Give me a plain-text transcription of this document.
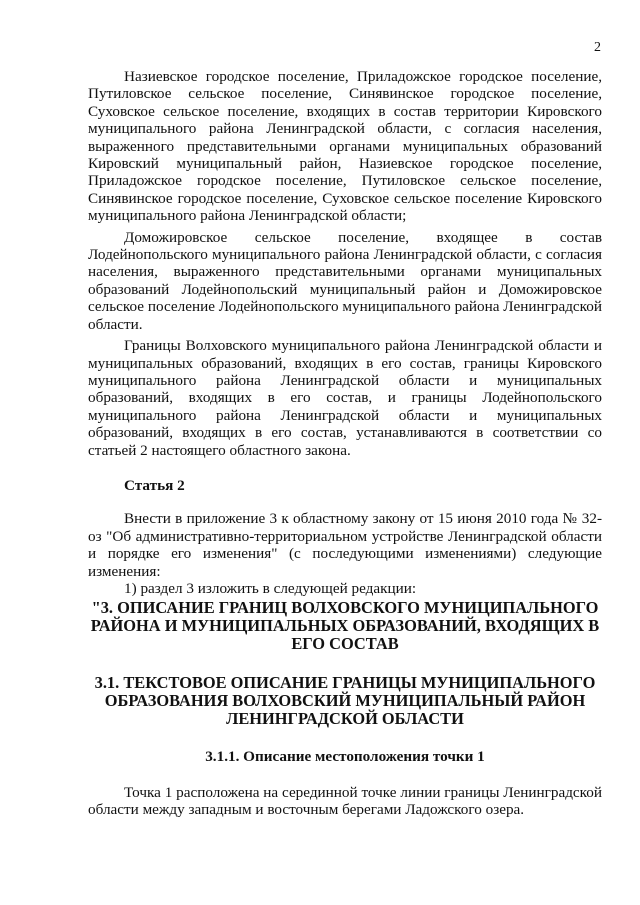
2

Назиевское городское поселение, Приладожское городское поселение, Путиловское сельское поселение, Синявинское городское поселение, Суховское сельское поселение, входящих в состав территории Кировского муниципального района Ленинградской области, с согласия населения, выраженного представительными органами муниципальных образований Кировский муниципальный район, Назиевское городское поселение, Приладожское городское поселение, Путиловское сельское поселение, Синявинское городское поселение, Суховское сельское поселение Кировского муниципального района Ленинградской области;

Доможировское сельское поселение, входящее в состав Лодейнопольского муниципального района Ленинградской области, с согласия населения, выраженного представительными органами муниципальных образований Лодейнопольский муниципальный район и Доможировское сельское поселение Лодейнопольского муниципального района Ленинградской области.

Границы Волховского муниципального района Ленинградской области и муниципальных образований, входящих в его состав, границы Кировского муниципального района Ленинградской области и муниципальных образований, входящих в его состав, и границы Лодейнопольского муниципального района Ленинградской области и муниципальных образований, входящих в его состав, устанавливаются в соответствии со статьей 2 настоящего областного закона.

Статья 2

Внести в приложение 3 к областному закону от 15 июня 2010 года № 32-оз "Об административно-территориальном устройстве Ленинградской области и порядке его изменения" (с последующими изменениями) следующие изменения:

1) раздел 3 изложить в следующей редакции:

"3. ОПИСАНИЕ ГРАНИЦ ВОЛХОВСКОГО МУНИЦИПАЛЬНОГО РАЙОНА И МУНИЦИПАЛЬНЫХ ОБРАЗОВАНИЙ, ВХОДЯЩИХ В ЕГО СОСТАВ
3.1. ТЕКСТОВОЕ ОПИСАНИЕ ГРАНИЦЫ МУНИЦИПАЛЬНОГО ОБРАЗОВАНИЯ ВОЛХОВСКИЙ МУНИЦИПАЛЬНЫЙ РАЙОН ЛЕНИНГРАДСКОЙ ОБЛАСТИ
3.1.1. Описание местоположения точки 1

Точка 1 расположена на серединной точке линии границы Ленинградской области между западным и восточным берегами Ладожского озера.
